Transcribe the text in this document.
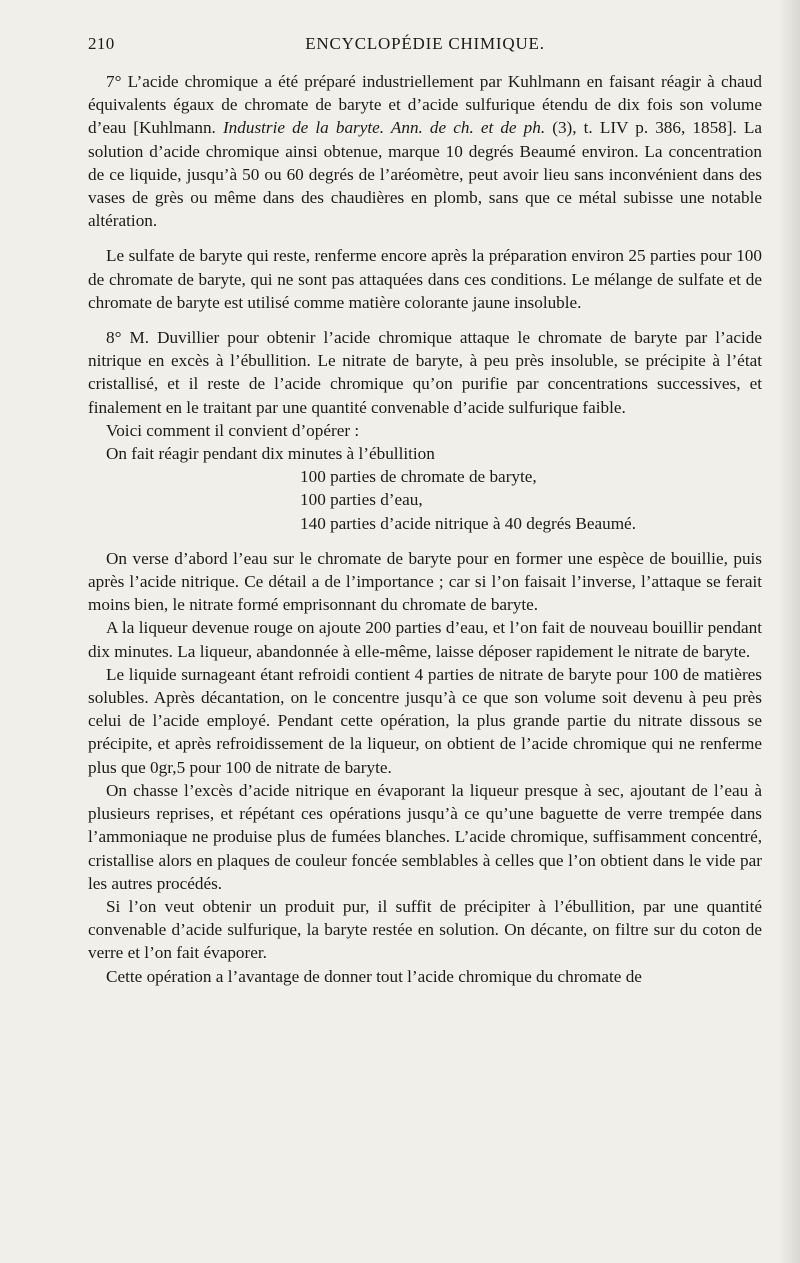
210	ENCYCLOPÉDIE CHIMIQUE.

7° L’acide chromique a été préparé industriellement par Kuhlmann en faisant réagir à chaud équivalents égaux de chromate de baryte et d’acide sulfurique étendu de dix fois son volume d’eau [Kuhlmann. Industrie de la baryte. Ann. de ch. et de ph. (3), t. LIV p. 386, 1858]. La solution d’acide chromique ainsi obtenue, marque 10 degrés Beaumé environ. La concentration de ce liquide, jusqu’à 50 ou 60 degrés de l’aréomètre, peut avoir lieu sans inconvénient dans des vases de grès ou même dans des chaudières en plomb, sans que ce métal subisse une notable altération.

Le sulfate de baryte qui reste, renferme encore après la préparation environ 25 parties pour 100 de chromate de baryte, qui ne sont pas attaquées dans ces conditions. Le mélange de sulfate et de chromate de baryte est utilisé comme matière colorante jaune insoluble.

8° M. Duvillier pour obtenir l’acide chromique attaque le chromate de baryte par l’acide nitrique en excès à l’ébullition. Le nitrate de baryte, à peu près insoluble, se précipite à l’état cristallisé, et il reste de l’acide chromique qu’on purifie par concentrations successives, et finalement en le traitant par une quantité convenable d’acide sulfurique faible.

Voici comment il convient d’opérer :

On fait réagir pendant dix minutes à l’ébullition

100 parties de chromate de baryte,
100 parties d’eau,
140 parties d’acide nitrique à 40 degrés Beaumé.

On verse d’abord l’eau sur le chromate de baryte pour en former une espèce de bouillie, puis après l’acide nitrique. Ce détail a de l’importance ; car si l’on faisait l’inverse, l’attaque se ferait moins bien, le nitrate formé emprisonnant du chromate de baryte.

A la liqueur devenue rouge on ajoute 200 parties d’eau, et l’on fait de nouveau bouillir pendant dix minutes. La liqueur, abandonnée à elle-même, laisse déposer rapidement le nitrate de baryte.

Le liquide surnageant étant refroidi contient 4 parties de nitrate de baryte pour 100 de matières solubles. Après décantation, on le concentre jusqu’à ce que son volume soit devenu à peu près celui de l’acide employé. Pendant cette opération, la plus grande partie du nitrate dissous se précipite, et après refroidissement de la liqueur, on obtient de l’acide chromique qui ne renferme plus que 0gr,5 pour 100 de nitrate de baryte.

On chasse l’excès d’acide nitrique en évaporant la liqueur presque à sec, ajoutant de l’eau à plusieurs reprises, et répétant ces opérations jusqu’à ce qu’une baguette de verre trempée dans l’ammoniaque ne produise plus de fumées blanches. L’acide chromique, suffisamment concentré, cristallise alors en plaques de couleur foncée semblables à celles que l’on obtient dans le vide par les autres procédés.

Si l’on veut obtenir un produit pur, il suffit de précipiter à l’ébullition, par une quantité convenable d’acide sulfurique, la baryte restée en solution. On décante, on filtre sur du coton de verre et l’on fait évaporer.

Cette opération a l’avantage de donner tout l’acide chromique du chromate de
